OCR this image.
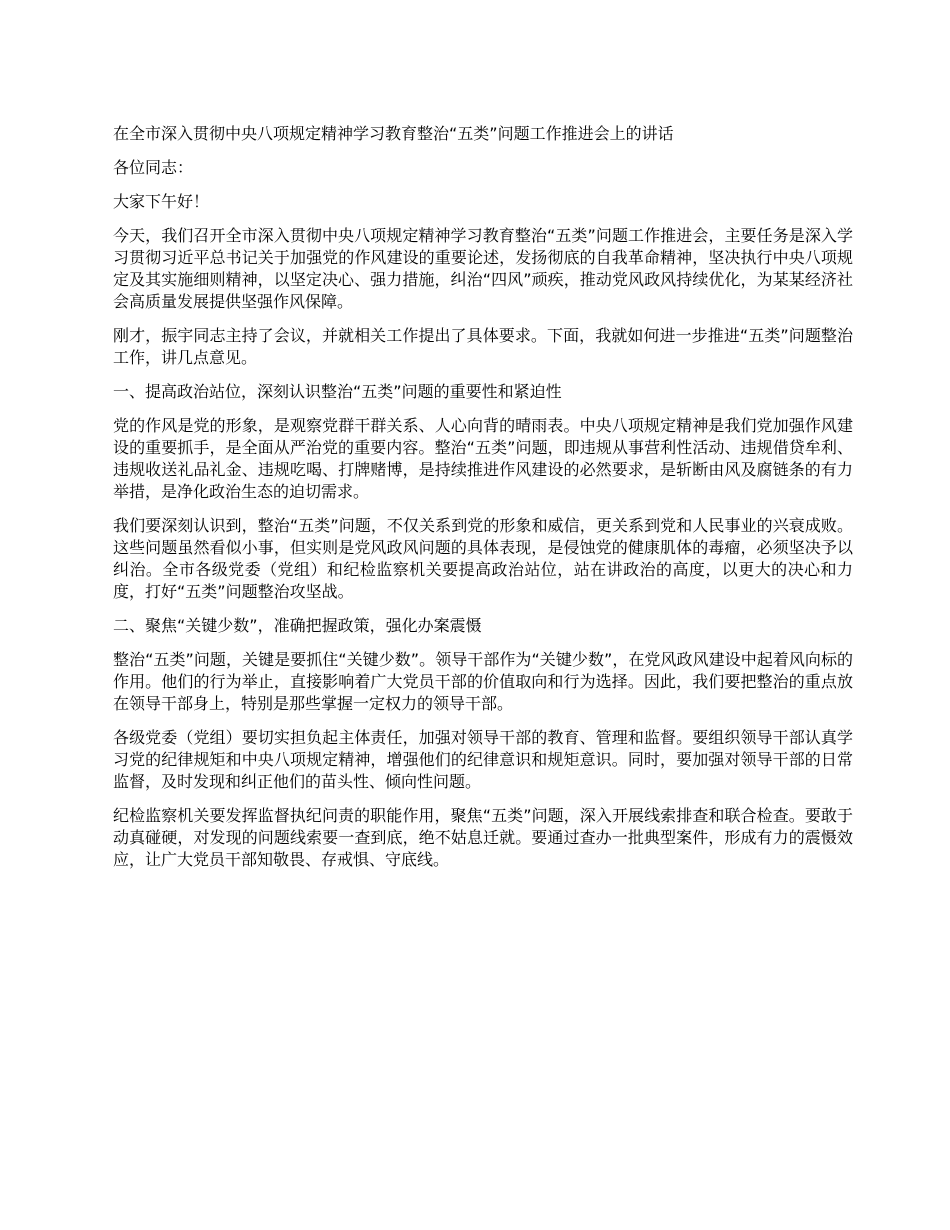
在全市深入贯彻中央八项规定精神学习教育整治“五类”问题工作推进会上的讲话

各位同志：

大家下午好！

今天，我们召开全市深入贯彻中央八项规定精神学习教育整治“五类”问题工作推进会，主要任务是深入学习贯彻习近平总书记关于加强党的作风建设的重要论述，发扬彻底的自我革命精神，坚决执行中央八项规定及其实施细则精神，以坚定决心、强力措施，纠治“四风”顽疾，推动党风政风持续优化，为某某经济社会高质量发展提供坚强作风保障。

刚才，振宇同志主持了会议，并就相关工作提出了具体要求。下面，我就如何进一步推进“五类”问题整治工作，讲几点意见。

一、提高政治站位，深刻认识整治“五类”问题的重要性和紧迫性

党的作风是党的形象，是观察党群干群关系、人心向背的晴雨表。中央八项规定精神是我们党加强作风建设的重要抓手，是全面从严治党的重要内容。整治“五类”问题，即违规从事营利性活动、违规借贷牟利、违规收送礼品礼金、违规吃喝、打牌赌博，是持续推进作风建设的必然要求，是斩断由风及腐链条的有力举措，是净化政治生态的迫切需求。

我们要深刻认识到，整治“五类”问题，不仅关系到党的形象和威信，更关系到党和人民事业的兴衰成败。这些问题虽然看似小事，但实则是党风政风问题的具体表现，是侵蚀党的健康肌体的毒瘤，必须坚决予以纠治。全市各级党委（党组）和纪检监察机关要提高政治站位，站在讲政治的高度，以更大的决心和力度，打好“五类”问题整治攻坚战。

二、聚焦“关键少数”，准确把握政策，强化办案震慑

整治“五类”问题，关键是要抓住“关键少数”。领导干部作为“关键少数”，在党风政风建设中起着风向标的作用。他们的行为举止，直接影响着广大党员干部的价值取向和行为选择。因此，我们要把整治的重点放在领导干部身上，特别是那些掌握一定权力的领导干部。

各级党委（党组）要切实担负起主体责任，加强对领导干部的教育、管理和监督。要组织领导干部认真学习党的纪律规矩和中央八项规定精神，增强他们的纪律意识和规矩意识。同时，要加强对领导干部的日常监督，及时发现和纠正他们的苗头性、倾向性问题。

纪检监察机关要发挥监督执纪问责的职能作用，聚焦“五类”问题，深入开展线索排查和联合检查。要敢于动真碰硬，对发现的问题线索要一查到底，绝不姑息迁就。要通过查办一批典型案件，形成有力的震慑效应，让广大党员干部知敬畏、存戒惧、守底线。
